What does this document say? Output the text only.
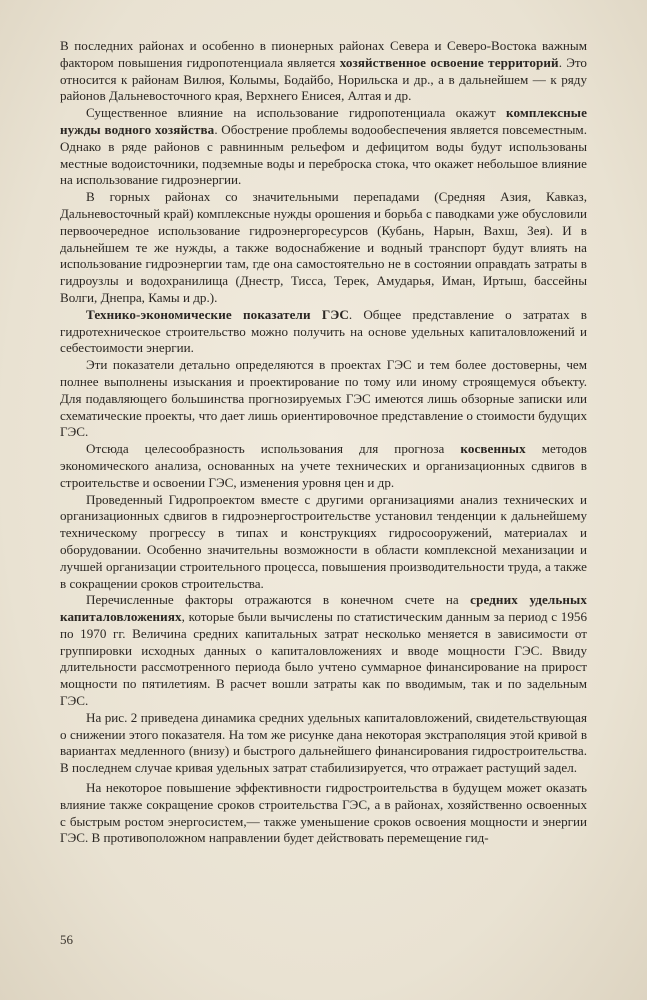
В последних районах и особенно в пионерных районах Севера и Северо-Востока важным фактором повышения гидропотенциала является хозяйственное освоение территорий. Это относится к районам Вилюя, Колымы, Бодайбо, Норильска и др., а в дальнейшем — к ряду районов Дальневосточного края, Верхнего Енисея, Алтая и др.

Существенное влияние на использование гидропотенциала окажут комплексные нужды водного хозяйства. Обострение проблемы водообеспечения является повсеместным. Однако в ряде районов с равнинным рельефом и дефицитом воды будут использованы местные водоисточники, подземные воды и переброска стока, что окажет небольшое влияние на использование гидроэнергии.

В горных районах со значительными перепадами (Средняя Азия, Кавказ, Дальневосточный край) комплексные нужды орошения и борьба с паводками уже обусловили первоочередное использование гидроэнергоресурсов (Кубань, Нарын, Вахш, Зея). И в дальнейшем те же нужды, а также водоснабжение и водный транспорт будут влиять на использование гидроэнергии там, где она самостоятельно не в состоянии оправдать затраты в гидроузлы и водохранилища (Днестр, Тисса, Терек, Амударья, Иман, Иртыш, бассейны Волги, Днепра, Камы и др.).

Технико-экономические показатели ГЭС. Общее представление о затратах в гидротехническое строительство можно получить на основе удельных капиталовложений и себестоимости энергии.

Эти показатели детально определяются в проектах ГЭС и тем более достоверны, чем полнее выполнены изыскания и проектирование по тому или иному строящемуся объекту. Для подавляющего большинства прогнозируемых ГЭС имеются лишь обзорные записки или схематические проекты, что дает лишь ориентировочное представление о стоимости будущих ГЭС.

Отсюда целесообразность использования для прогноза косвенных методов экономического анализа, основанных на учете технических и организационных сдвигов в строительстве и освоении ГЭС, изменения уровня цен и др.

Проведенный Гидропроектом вместе с другими организациями анализ технических и организационных сдвигов в гидроэнергостроительстве установил тенденции к дальнейшему техническому прогрессу в типах и конструкциях гидросооружений, материалах и оборудовании. Особенно значительны возможности в области комплексной механизации и лучшей организации строительного процесса, повышения производительности труда, а также в сокращении сроков строительства.

Перечисленные факторы отражаются в конечном счете на средних удельных капиталовложениях, которые были вычислены по статистическим данным за период с 1956 по 1970 гг. Величина средних капитальных затрат несколько меняется в зависимости от группировки исходных данных о капиталовложениях и вводе мощности ГЭС. Ввиду длительности рассмотренного периода было учтено суммарное финансирование на прирост мощности по пятилетиям. В расчет вошли затраты как по вводимым, так и по задельным ГЭС.

На рис. 2 приведена динамика средних удельных капиталовложений, свидетельствующая о снижении этого показателя. На том же рисунке дана некоторая экстраполяция этой кривой в вариантах медленного (внизу) и быстрого дальнейшего финансирования гидростроительства. В последнем случае кривая удельных затрат стабилизируется, что отражает растущий задел.

На некоторое повышение эффективности гидростроительства в будущем может оказать влияние также сокращение сроков строительства ГЭС, а в районах, хозяйственно освоенных с быстрым ростом энергосистем,— также уменьшение сроков освоения мощности и энергии ГЭС. В противоположном направлении будет действовать перемещение гид-

56
